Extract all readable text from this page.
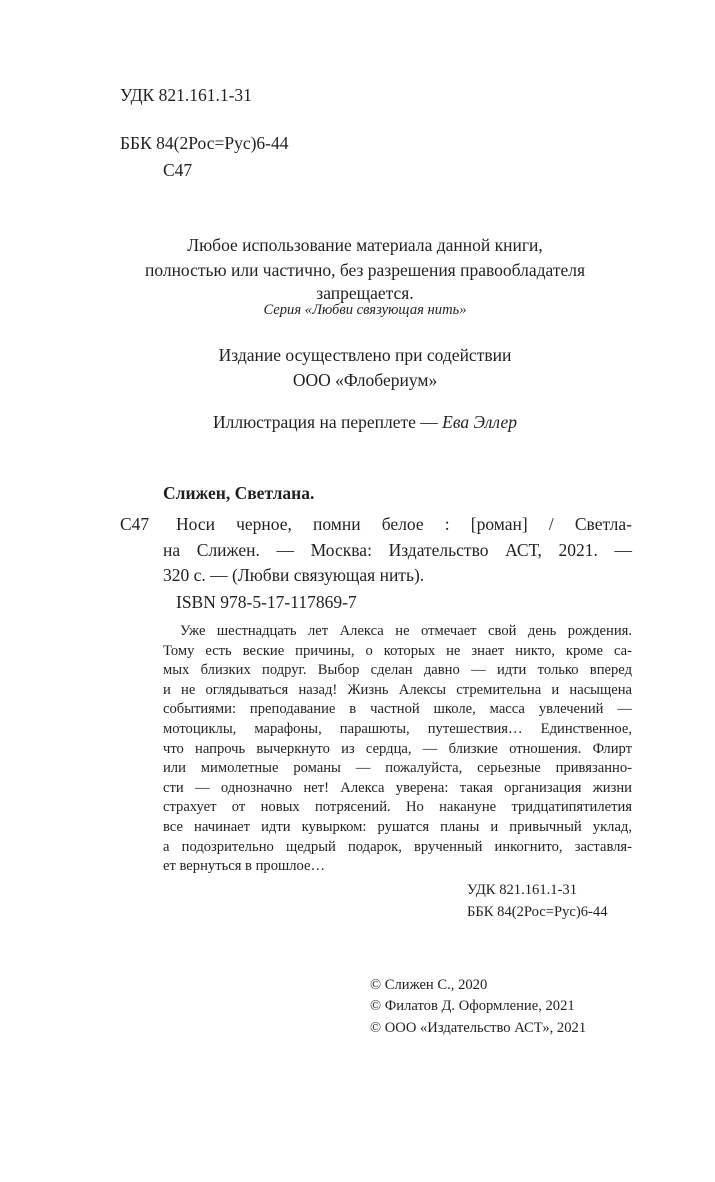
УДК 821.161.1-31
ББК 84(2Рос=Рус)6-44
С47
Любое использование материала данной книги,
полностью или частично, без разрешения правообладателя
запрещается.
Серия «Любви связующая нить»
Издание осуществлено при содействии
ООО «Флобериум»
Иллюстрация на переплете — Ева Эллер
Слижен, Светлана.
С47 Носи черное, помни белое : [роман] / Светла-
на Слижен. — Москва: Издательство АСТ, 2021. —
320 с. — (Любви связующая нить).
ISBN 978-5-17-117869-7
Уже шестнадцать лет Алекса не отмечает свой день рождения.
Тому есть веские причины, о которых не знает никто, кроме са-
мых близких подруг. Выбор сделан давно — идти только вперед
и не оглядываться назад! Жизнь Алексы стремительна и насыщена
событиями: преподавание в частной школе, масса увлечений —
мотоциклы, марафоны, парашюты, путешествия… Единственное,
что напрочь вычеркнуто из сердца, — близкие отношения. Флирт
или мимолетные романы — пожалуйста, серьезные привязанно-
сти — однозначно нет! Алекса уверена: такая организация жизни
страхует от новых потрясений. Но накануне тридцатипятилетия
все начинает идти кувырком: рушатся планы и привычный уклад,
а подозрительно щедрый подарок, врученный инкогнито, заставля-
ет вернуться в прошлое…
УДК 821.161.1-31
ББК 84(2Рос=Рус)6-44
© Слижен С., 2020
© Филатов Д. Оформление, 2021
© ООО «Издательство АСТ», 2021
